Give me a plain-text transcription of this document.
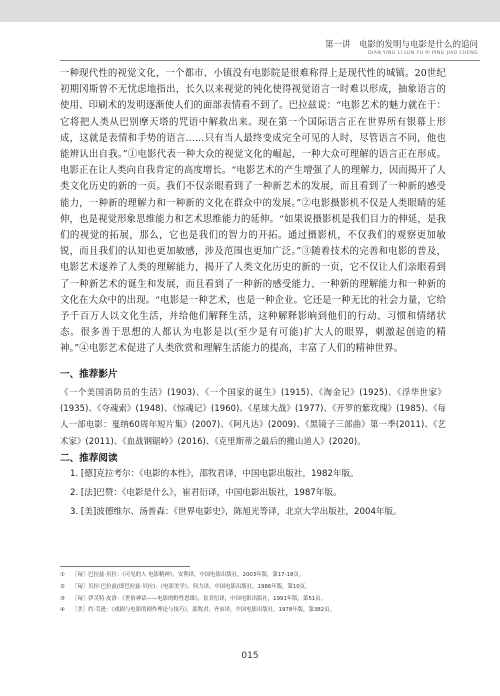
第一讲　电影的发明与电影是什么的追问
DIAN YING LI LUN YU PI PING JIAO CHENG

一种现代性的视觉文化，一个都市、小镇没有电影院是很难称得上是现代性的城镇。20世纪初期冈斯曾不无忧虑地指出，长久以来视觉的钝化使得视觉语言一时难以形成，抽象语言的使用、印刷术的发明逐渐使人们的面部表情看不到了。巴拉兹说：“电影艺术的魅力就在于：它将把人类从巴别摩天塔的咒语中解救出来。现在第一个国际语言正在世界所有银幕上形成，这就是表情和手势的语言……只有当人最终变成完全可见的人时，尽管语言不同，他也能辨认出自我。”①电影代表一种大众的视觉文化的崛起，一种大众可理解的语言正在形成。电影正在让人类向自我肯定的高度增长。“电影艺术的产生增强了人的理解力，因而揭开了人类文化历史的新的一页。我们不仅亲眼看到了一种新艺术的发展，而且看到了一种新的感受能力，一种新的理解力和一种新的文化在群众中的发展。”②电影摄影机不仅是人类眼睛的延伸，也是视觉形象思维能力和艺术思维能力的延伸。“如果说摄影机是我们目力的伸延，是我们的视觉的拓展，那么，它也是我们的智力的开拓。通过摄影机，不仅我们的观察更加敏锐，而且我们的认知也更加敏感，涉及范围也更加广泛。”③随着技术的完善和电影的普及，电影艺术逐养了人类的理解能力，揭开了人类文化历史的新的一页，它不仅让人们亲眼看到了一种新艺术的诞生和发展，而且看到了一种新的感受能力、一种新的理解能力和一种新的文化在大众中的出现。“电影是一种艺术，也是一种企业。它还是一种无比的社会力量，它给予千百万人以文化生活，并给他们解释生活，这种解释影响到他们的行动、习惯和情绪状态。很多善于思想的人都认为电影是以(至少是有可能)扩大人的眼界，刺激起创造的精神。”④电影艺术促进了人类欣赏和理解生活能力的提高，丰富了人们的精神世界。

一、推荐影片

《一个美国消防员的生活》(1903)、《一个国家的诞生》(1915)、《淘金记》(1925)、《浮华世家》(1935)、《夺魂索》(1948)、《惊魂记》(1960)、《星球大战》(1977)、《开罗的紫玫瑰》(1985)、《每人一部电影：戛纳60周年短片集》(2007)、《阿凡达》(2009)、《黑镜子三部曲》第一季(2011)、《艺术家》(2011)、《血战钢锯岭》(2016)、《克里斯蒂之最后的搬山道人》(2020)。

二、推荐阅读
1. [德]克拉考尔：《电影的本性》，邵牧君译，中国电影出版社，1982年版。
2. [法]巴赞：《电影是什么》，崔君衍译，中国电影出版社，1987年版。
3. [美]波德维尔、汤普森：《世界电影史》，陈旭光等译，北京大学出版社，2004年版。
① ［匈］巴拉兹·贝拉：《可见的人 电影精神》，安利译，中国电影出版社，2003年版，第17-18页。
② ［匈］贝拉·巴拉兹(即巴拉兹·贝拉)：《电影美学》，何力译，中国电影出版社，1986年版，第10页。
③ ［匈］伊芙特·皮洛：《世俗神话——电影的野性思维》，崔君衍译，中国电影出版社，1991年版，第51页。
④ ［美］约·劳逊：《戏剧与电影的剧作理论与技巧》，邵牧君、齐宙译，中国电影出版社，1978年版，第382页。
015
